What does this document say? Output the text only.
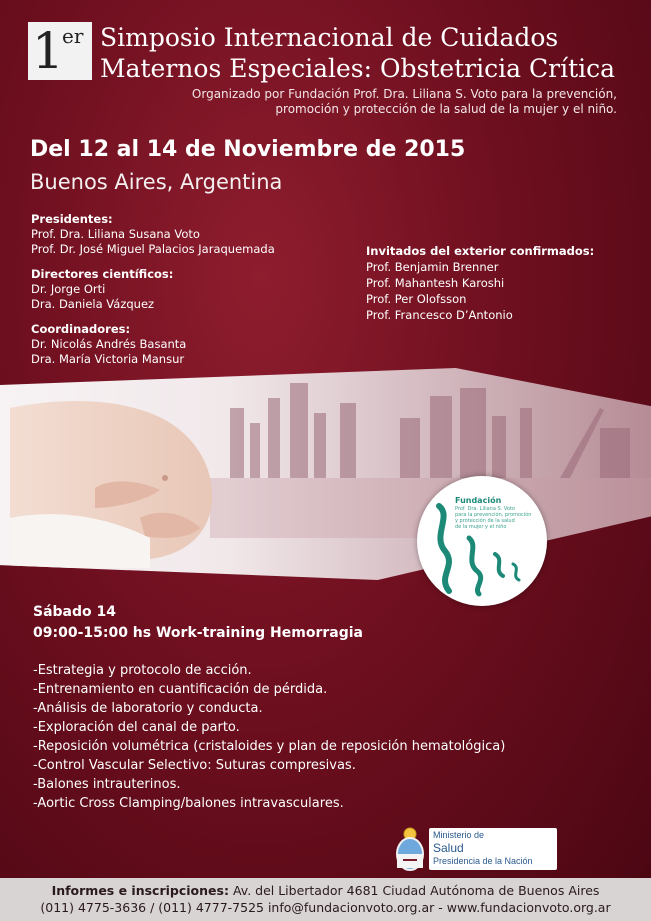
1
er Simposio Internacional de Cuidados
Maternos Especiales: Obstetricia Crítica
Organizado por Fundación Prof. Dra. Liliana S. Voto para la prevención,
promoción y protección de la salud de la mujer y el niño.
Del 12 al 14 de Noviembre de 2015
Buenos Aires, Argentina
Presidentes:
Prof. Dra. Liliana Susana Voto
Prof. Dr. José Miguel Palacios Jaraquemada
Directores científicos:
Dr. Jorge Orti
Dra. Daniela Vázquez
Coordinadores:
Dr. Nicolás Andrés Basanta
Dra. María Victoria Mansur
Invitados del exterior confirmados:
Prof. Benjamin Brenner
Prof. Mahantesh Karoshi
Prof. Per Olofsson
Prof. Francesco D’Antonio
Fundación
Prof. Dra. Liliana S. Voto
para la prevención, promoción
y protección de la salud
de la mujer y el niño
Sábado 14
09:00-15:00 hs Work-training Hemorragia
-Estrategia y protocolo de acción.
-Entrenamiento en cuantificación de pérdida.
-Análisis de laboratorio y conducta.
-Exploración del canal de parto.
-Reposición volumétrica (cristaloides y plan de reposición hematológica)
-Control Vascular Selectivo: Suturas compresivas.
-Balones intrauterinos.
-Aortic Cross Clamping/balones intravasculares.
Ministerio de
Salud
Presidencia de la Nación
Informes e inscripciones: Av. del Libertador 4681 Ciudad Autónoma de Buenos Aires
(011) 4775-3636 / (011) 4777-7525 info@fundacionvoto.org.ar - www.fundacionvoto.org.ar
